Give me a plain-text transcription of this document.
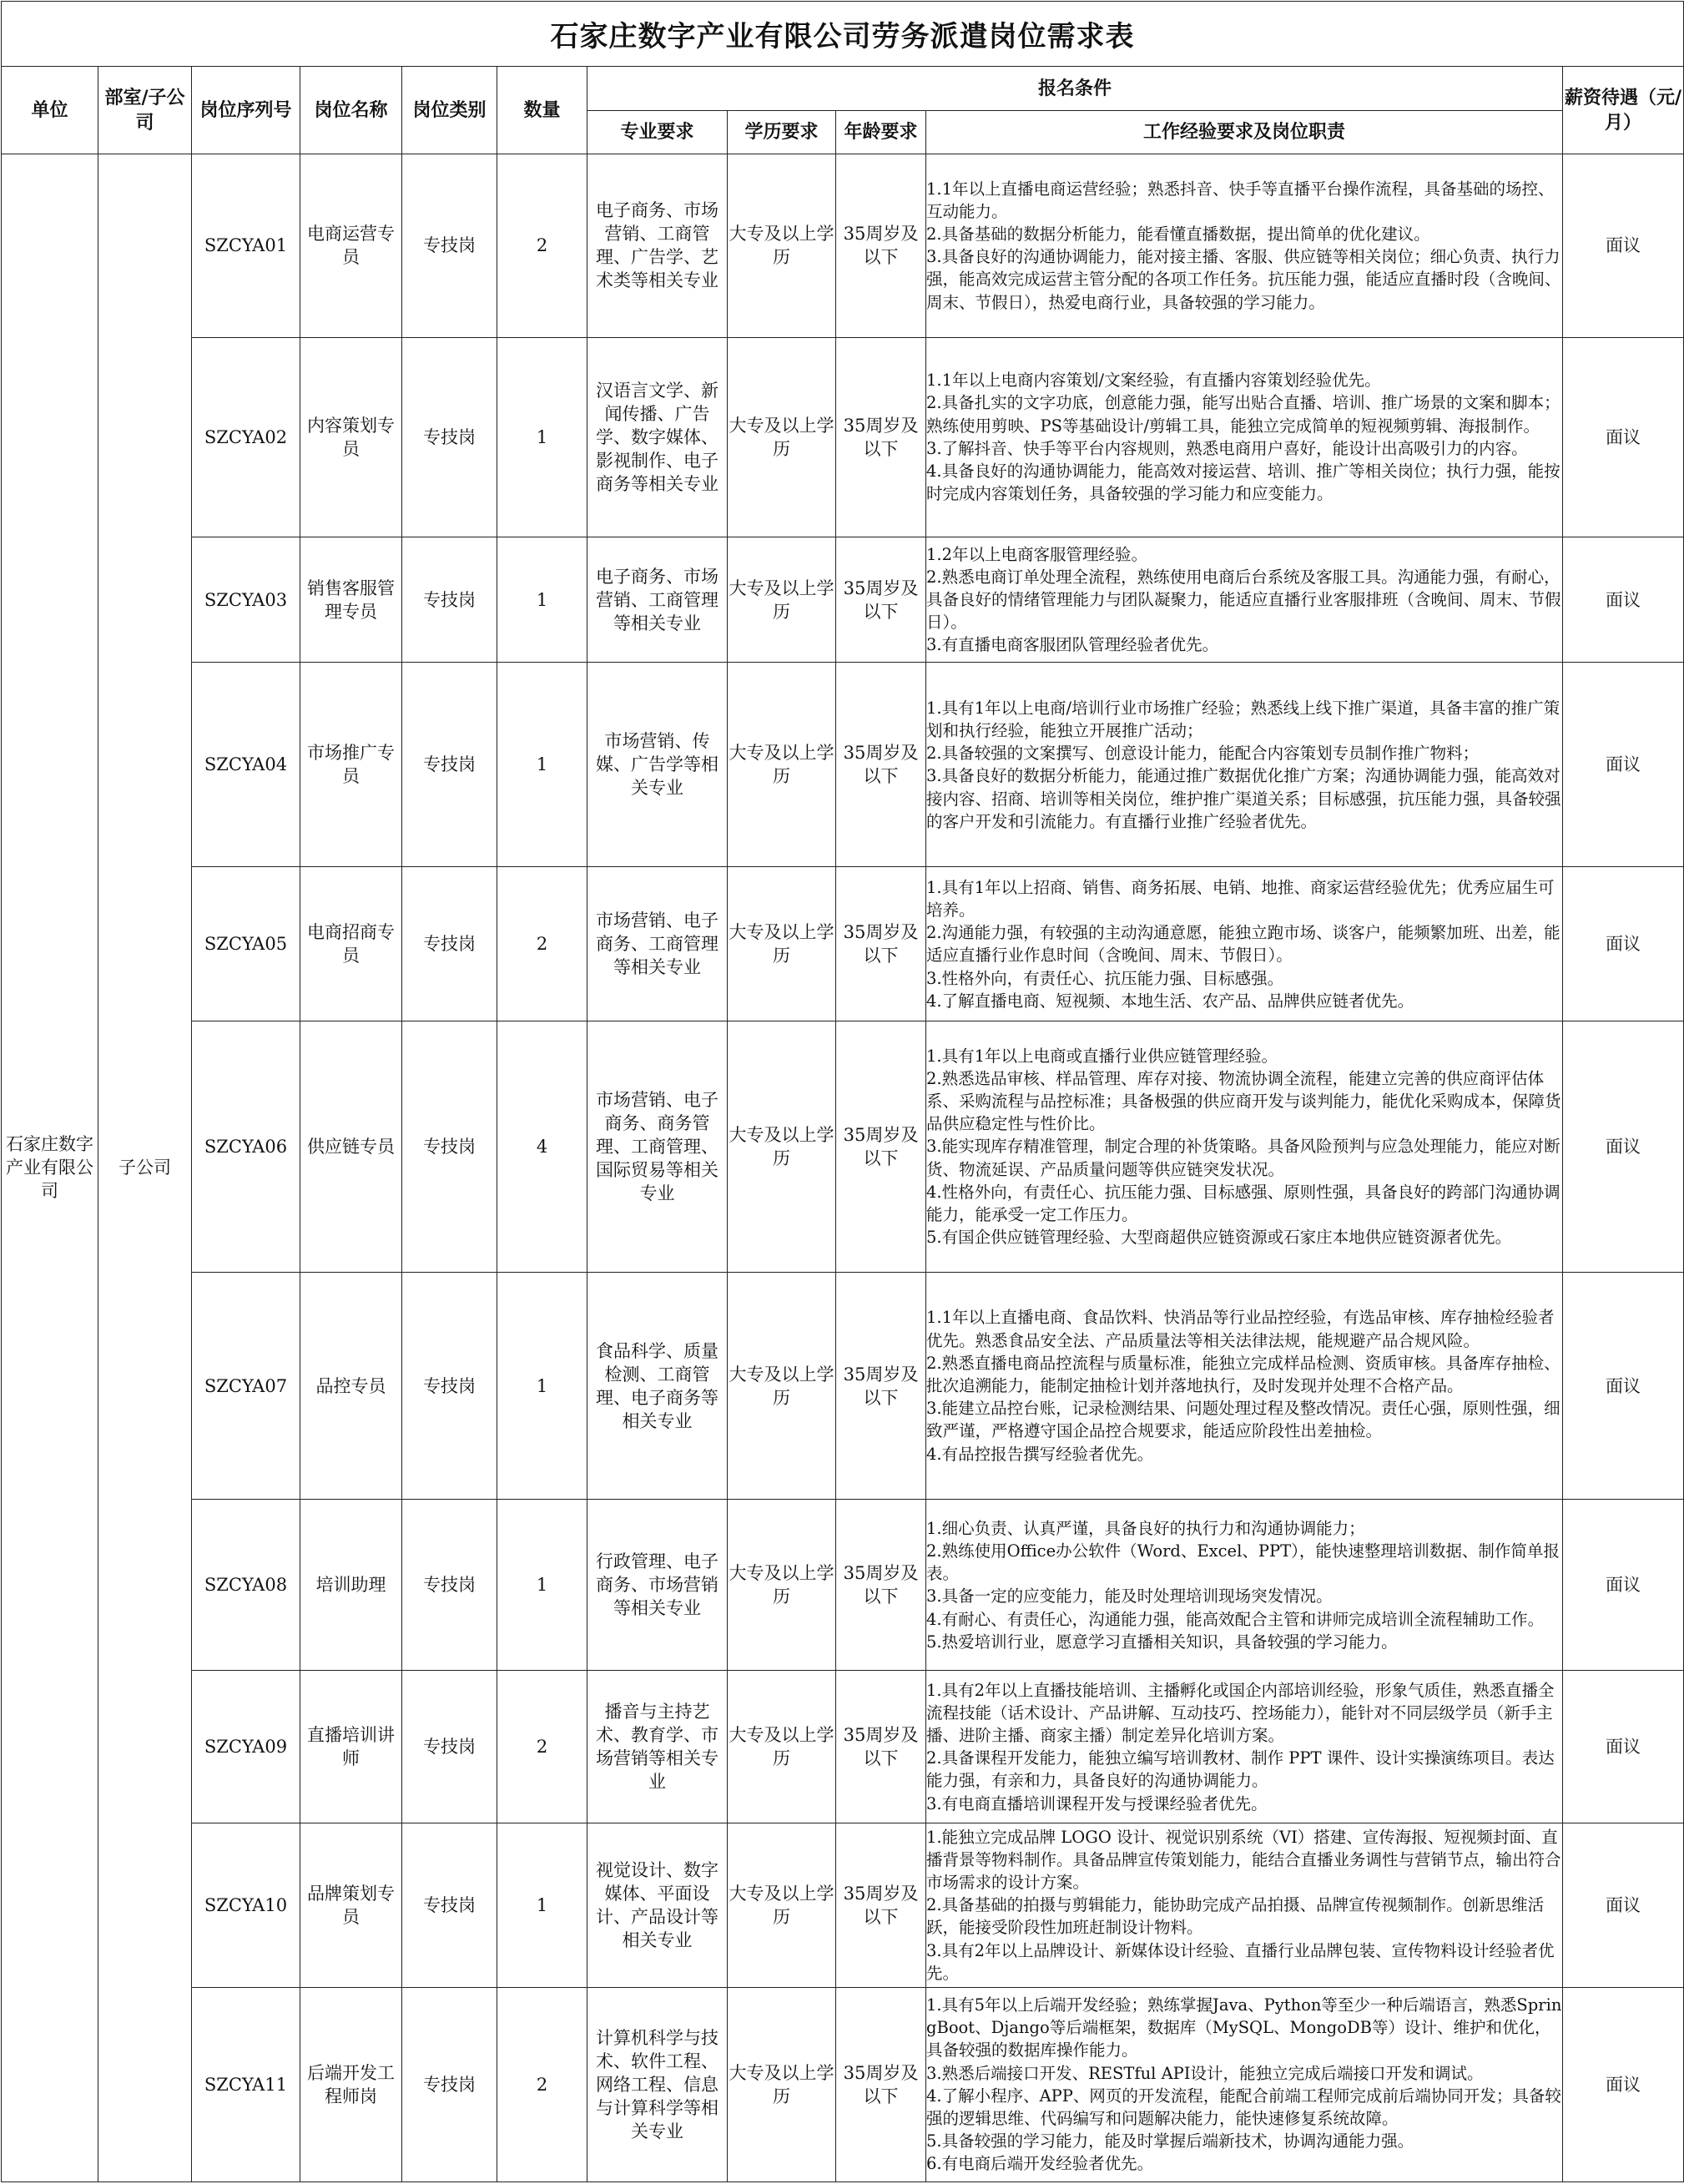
石家庄数字产业有限公司劳务派遣岗位需求表										
单位	部室/子公司	岗位序列号	岗位名称	岗位类别	数量	报名条件				薪资待遇（元/月）
						专业要求	学历要求	年龄要求	工作经验要求及岗位职责	
石家庄数字产业有限公司	子公司	SZCYA01	电商运营专员	专技岗	2	电子商务、市场营销、工商管理、广告学、艺术类等相关专业	大专及以上学历	35周岁及以下	1.1年以上直播电商运营经验；熟悉抖音、快手等直播平台操作流程，具备基础的场控、互动能力。
2.具备基础的数据分析能力，能看懂直播数据，提出简单的优化建议。
3.具备良好的沟通协调能力，能对接主播、客服、供应链等相关岗位；细心负责、执行力强，能高效完成运营主管分配的各项工作任务。抗压能力强，能适应直播时段（含晚间、周末、节假日），热爱电商行业，具备较强的学习能力。	面议
		SZCYA02	内容策划专员	专技岗	1	汉语言文学、新闻传播、广告学、数字媒体、影视制作、电子商务等相关专业	大专及以上学历	35周岁及以下	1.1年以上电商内容策划/文案经验，有直播内容策划经验优先。
2.具备扎实的文字功底，创意能力强，能写出贴合直播、培训、推广场景的文案和脚本；熟练使用剪映、PS等基础设计/剪辑工具，能独立完成简单的短视频剪辑、海报制作。
3.了解抖音、快手等平台内容规则，熟悉电商用户喜好，能设计出高吸引力的内容。
4.具备良好的沟通协调能力，能高效对接运营、培训、推广等相关岗位；执行力强，能按时完成内容策划任务，具备较强的学习能力和应变能力。	面议
		SZCYA03	销售客服管理专员	专技岗	1	电子商务、市场营销、工商管理等相关专业	大专及以上学历	35周岁及以下	1.2年以上电商客服管理经验。
2.熟悉电商订单处理全流程，熟练使用电商后台系统及客服工具。沟通能力强，有耐心，具备良好的情绪管理能力与团队凝聚力，能适应直播行业客服排班（含晚间、周末、节假日）。
3.有直播电商客服团队管理经验者优先。	面议
		SZCYA04	市场推广专员	专技岗	1	市场营销、传媒、广告学等相关专业	大专及以上学历	35周岁及以下	1.具有1年以上电商/培训行业市场推广经验；熟悉线上线下推广渠道，具备丰富的推广策划和执行经验，能独立开展推广活动；
2.具备较强的文案撰写、创意设计能力，能配合内容策划专员制作推广物料；
3.具备良好的数据分析能力，能通过推广数据优化推广方案；沟通协调能力强，能高效对接内容、招商、培训等相关岗位，维护推广渠道关系；目标感强，抗压能力强，具备较强的客户开发和引流能力。有直播行业推广经验者优先。	面议
		SZCYA05	电商招商专员	专技岗	2	市场营销、电子商务、工商管理等相关专业	大专及以上学历	35周岁及以下	1.具有1年以上招商、销售、商务拓展、电销、地推、商家运营经验优先；优秀应届生可培养。
2.沟通能力强，有较强的主动沟通意愿，能独立跑市场、谈客户，能频繁加班、出差，能适应直播行业作息时间（含晚间、周末、节假日）。
3.性格外向，有责任心、抗压能力强、目标感强。
4.了解直播电商、短视频、本地生活、农产品、品牌供应链者优先。	面议
		SZCYA06	供应链专员	专技岗	4	市场营销、电子商务、商务管理、工商管理、国际贸易等相关专业	大专及以上学历	35周岁及以下	1.具有1年以上电商或直播行业供应链管理经验。
2.熟悉选品审核、样品管理、库存对接、物流协调全流程，能建立完善的供应商评估体系、采购流程与品控标准；具备极强的供应商开发与谈判能力，能优化采购成本，保障货品供应稳定性与性价比。
3.能实现库存精准管理，制定合理的补货策略。具备风险预判与应急处理能力，能应对断货、物流延误、产品质量问题等供应链突发状况。
4.性格外向，有责任心、抗压能力强、目标感强、原则性强，具备良好的跨部门沟通协调能力，能承受一定工作压力。
5.有国企供应链管理经验、大型商超供应链资源或石家庄本地供应链资源者优先。	面议
		SZCYA07	品控专员	专技岗	1	食品科学、质量检测、工商管理、电子商务等相关专业	大专及以上学历	35周岁及以下	1.1年以上直播电商、食品饮料、快消品等行业品控经验，有选品审核、库存抽检经验者优先。熟悉食品安全法、产品质量法等相关法律法规，能规避产品合规风险。
2.熟悉直播电商品控流程与质量标准，能独立完成样品检测、资质审核。具备库存抽检、批次追溯能力，能制定抽检计划并落地执行，及时发现并处理不合格产品。
3.能建立品控台账，记录检测结果、问题处理过程及整改情况。责任心强，原则性强，细致严谨，严格遵守国企品控合规要求，能适应阶段性出差抽检。
4.有品控报告撰写经验者优先。	面议
		SZCYA08	培训助理	专技岗	1	行政管理、电子商务、市场营销等相关专业	大专及以上学历	35周岁及以下	1.细心负责、认真严谨，具备良好的执行力和沟通协调能力；
2.熟练使用Office办公软件（Word、Excel、PPT），能快速整理培训数据、制作简单报表。
3.具备一定的应变能力，能及时处理培训现场突发情况。
4.有耐心、有责任心，沟通能力强，能高效配合主管和讲师完成培训全流程辅助工作。
5.热爱培训行业，愿意学习直播相关知识，具备较强的学习能力。	面议
		SZCYA09	直播培训讲师	专技岗	2	播音与主持艺术、教育学、市场营销等相关专业	大专及以上学历	35周岁及以下	1.具有2年以上直播技能培训、主播孵化或国企内部培训经验，形象气质佳，熟悉直播全流程技能（话术设计、产品讲解、互动技巧、控场能力），能针对不同层级学员（新手主播、进阶主播、商家主播）制定差异化培训方案。
2.具备课程开发能力，能独立编写培训教材、制作 PPT 课件、设计实操演练项目。表达能力强，有亲和力，具备良好的沟通协调能力。
3.有电商直播培训课程开发与授课经验者优先。	面议
		SZCYA10	品牌策划专员	专技岗	1	视觉设计、数字媒体、平面设计、产品设计等相关专业	大专及以上学历	35周岁及以下	1.能独立完成品牌 LOGO 设计、视觉识别系统（VI）搭建、宣传海报、短视频封面、直播背景等物料制作。具备品牌宣传策划能力，能结合直播业务调性与营销节点，输出符合市场需求的设计方案。
2.具备基础的拍摄与剪辑能力，能协助完成产品拍摄、品牌宣传视频制作。创新思维活跃，能接受阶段性加班赶制设计物料。
3.具有2年以上品牌设计、新媒体设计经验、直播行业品牌包装、宣传物料设计经验者优先。	面议
		SZCYA11	后端开发工程师岗	专技岗	2	计算机科学与技术、软件工程、网络工程、信息与计算科学等相关专业	大专及以上学历	35周岁及以下	1.具有5年以上后端开发经验；熟练掌握Java、Python等至少一种后端语言，熟悉SpringBoot、Django等后端框架，数据库（MySQL、MongoDB等）设计、维护和优化，具备较强的数据库操作能力。
3.熟悉后端接口开发、RESTful API设计，能独立完成后端接口开发和调试。
4.了解小程序、APP、网页的开发流程，能配合前端工程师完成前后端协同开发；具备较强的逻辑思维、代码编写和问题解决能力，能快速修复系统故障。
5.具备较强的学习能力，能及时掌握后端新技术，协调沟通能力强。
6.有电商后端开发经验者优先。	面议
